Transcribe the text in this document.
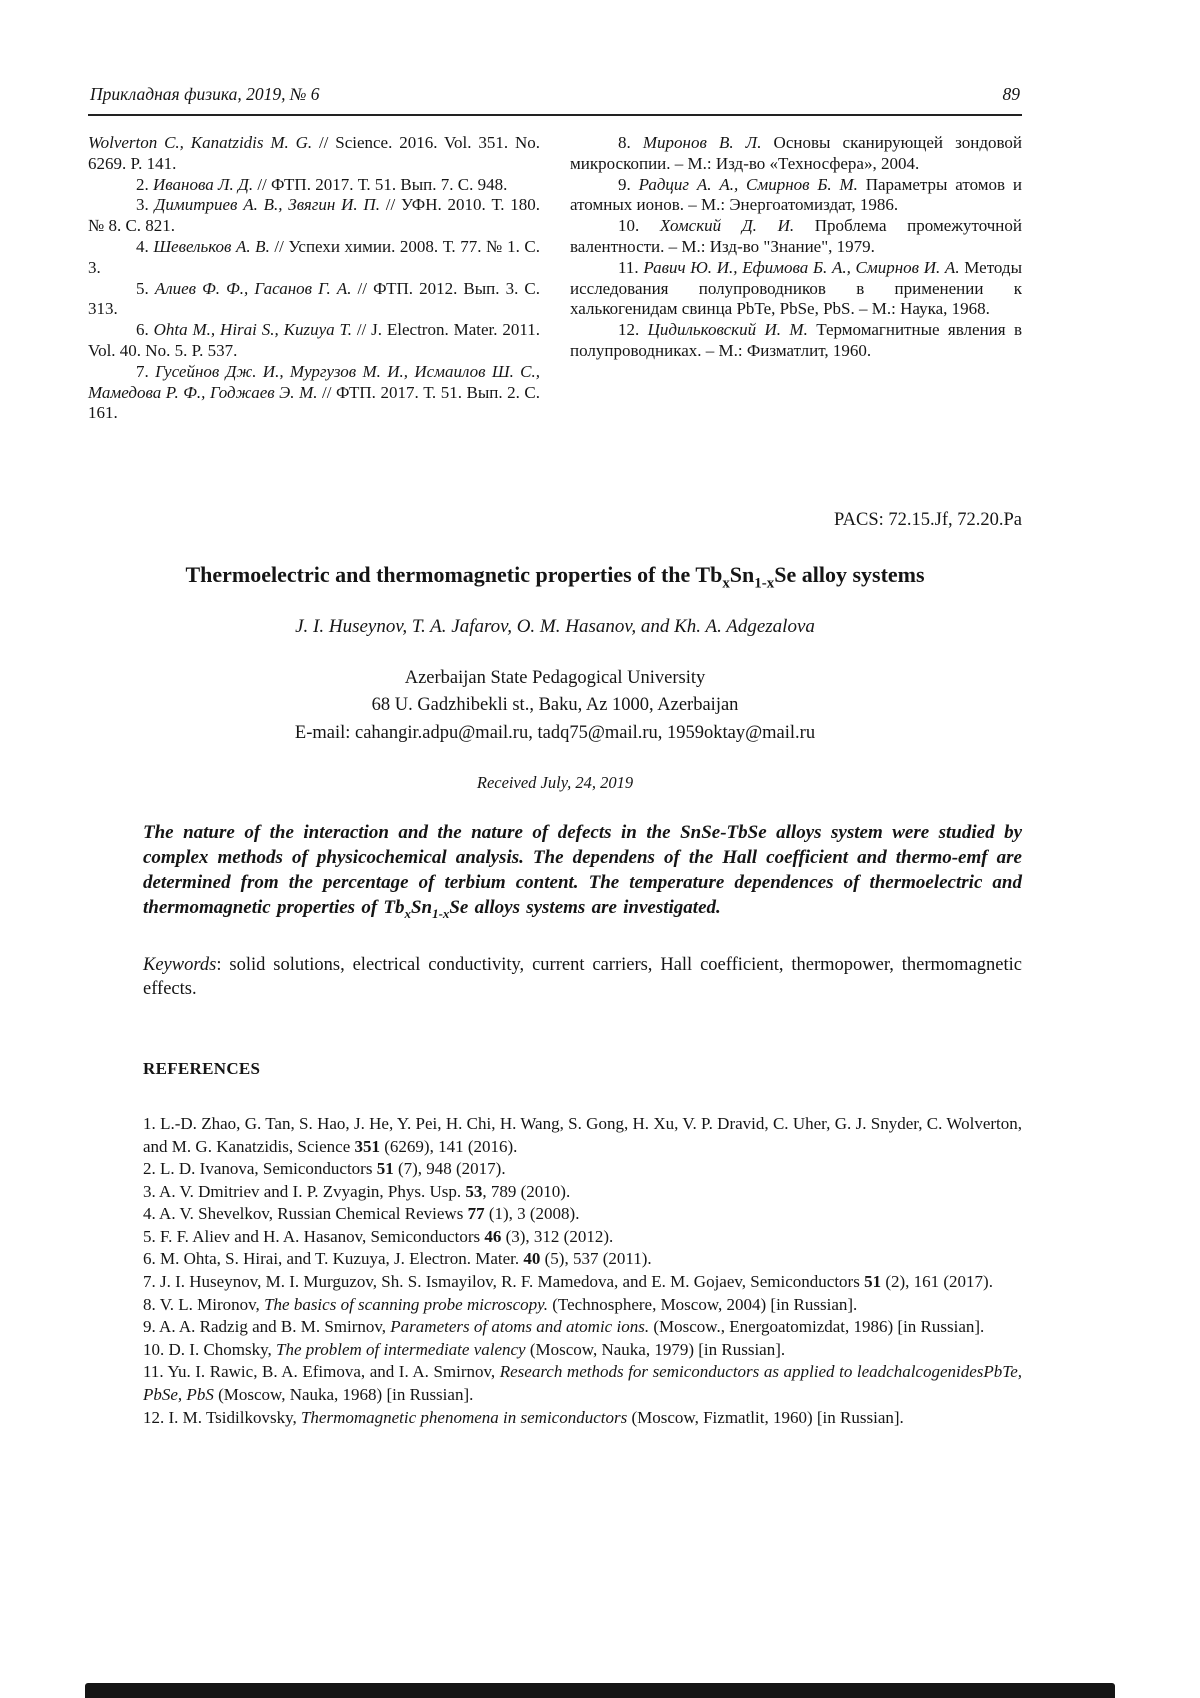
Прикладная физика, 2019, № 6	89

Wolverton C., Kanatzidis M. G. // Science. 2016. Vol. 351. No. 6269. P. 141.

2. Иванова Л. Д. // ФТП. 2017. Т. 51. Вып. 7. С. 948.

3. Димитриев А. В., Звягин И. П. // УФН. 2010. Т. 180. № 8. С. 821.

4. Шевельков А. В. // Успехи химии. 2008. Т. 77. № 1. С. 3.

5. Алиев Ф. Ф., Гасанов Г. А. // ФТП. 2012. Вып. 3. С. 313.

6. Ohta M., Hirai S., Kuzuya T. // J. Electron. Mater. 2011. Vol. 40. No. 5. P. 537.

7. Гусейнов Дж. И., Мургузов М. И., Исмаилов Ш. С., Мамедова Р. Ф., Годжаев Э. М. // ФТП. 2017. Т. 51. Вып. 2. С. 161.

8. Миронов В. Л. Основы сканирующей зондовой микроскопии. – М.: Изд-во «Техносфера», 2004.

9. Радциг А. А., Смирнов Б. М. Параметры атомов и атомных ионов. – М.: Энергоатомиздат, 1986.

10. Хомский Д. И. Проблема промежуточной валентности. – М.: Изд-во "Знание", 1979.

11. Равич Ю. И., Ефимова Б. А., Смирнов И. А. Методы исследования полупроводников в применении к халькогенидам свинца PbTe, PbSe, PbS. – М.: Наука, 1968.

12. Цидильковский И. М. Термомагнитные явления в полупроводниках. – М.: Физматлит, 1960.

PACS: 72.15.Jf, 72.20.Pa
Thermoelectric and thermomagnetic properties of the $Tb_xSn_{1-x}Se$ alloy systems
J. I. Huseynov, T. A. Jafarov, O. M. Hasanov, and Kh. A. Adgezalova
Azerbaijan State Pedagogical University
68 U. Gadzhibekli st., Baku, Az 1000, Azerbaijan
E-mail: cahangir.adpu@mail.ru, tadq75@mail.ru, 1959oktay@mail.ru
Received July, 24, 2019

The nature of the interaction and the nature of defects in the SnSe-TbSe alloys system were studied by complex methods of physicochemical analysis. The dependens of the Hall coefficient and thermo-emf are determined from the percentage of terbium content. The temperature dependences of thermoelectric and thermomagnetic properties of $Tb_xSn_{1-x}Se$ alloys systems are investigated.

Keywords: solid solutions, electrical conductivity, current carriers, Hall coefficient, thermopower, thermomagnetic effects.

REFERENCES

1. L.-D. Zhao, G. Tan, S. Hao, J. He, Y. Pei, H. Chi, H. Wang, S. Gong, H. Xu, V. P. Dravid, C. Uher, G. J. Snyder, C. Wolverton, and M. G. Kanatzidis, Science 351 (6269), 141 (2016).

2. L. D. Ivanova, Semiconductors 51 (7), 948 (2017).

3. A. V. Dmitriev and I. P. Zvyagin, Phys. Usp. 53, 789 (2010).

4. A. V. Shevelkov, Russian Chemical Reviews 77 (1), 3 (2008).

5. F. F. Aliev and H. A. Hasanov, Semiconductors 46 (3), 312 (2012).

6. M. Ohta, S. Hirai, and T. Kuzuya, J. Electron. Mater. 40 (5), 537 (2011).

7. J. I. Huseynov, M. I. Murguzov, Sh. S. Ismayilov, R. F. Mamedova, and E. M. Gojaev, Semiconductors 51 (2), 161 (2017).

8. V. L. Mironov, The basics of scanning probe microscopy. (Technosphere, Moscow, 2004) [in Russian].

9. A. A. Radzig and B. M. Smirnov, Parameters of atoms and atomic ions. (Moscow., Energoatomizdat, 1986) [in Russian].

10. D. I. Chomsky, The problem of intermediate valency (Moscow, Nauka, 1979) [in Russian].

11. Yu. I. Rawic, B. A. Efimova, and I. A. Smirnov, Research methods for semiconductors as applied to leadchalcogenidesPbTe, PbSe, PbS (Moscow, Nauka, 1968) [in Russian].

12. I. M. Tsidilkovsky, Thermomagnetic phenomena in semiconductors (Moscow, Fizmatlit, 1960) [in Russian].
